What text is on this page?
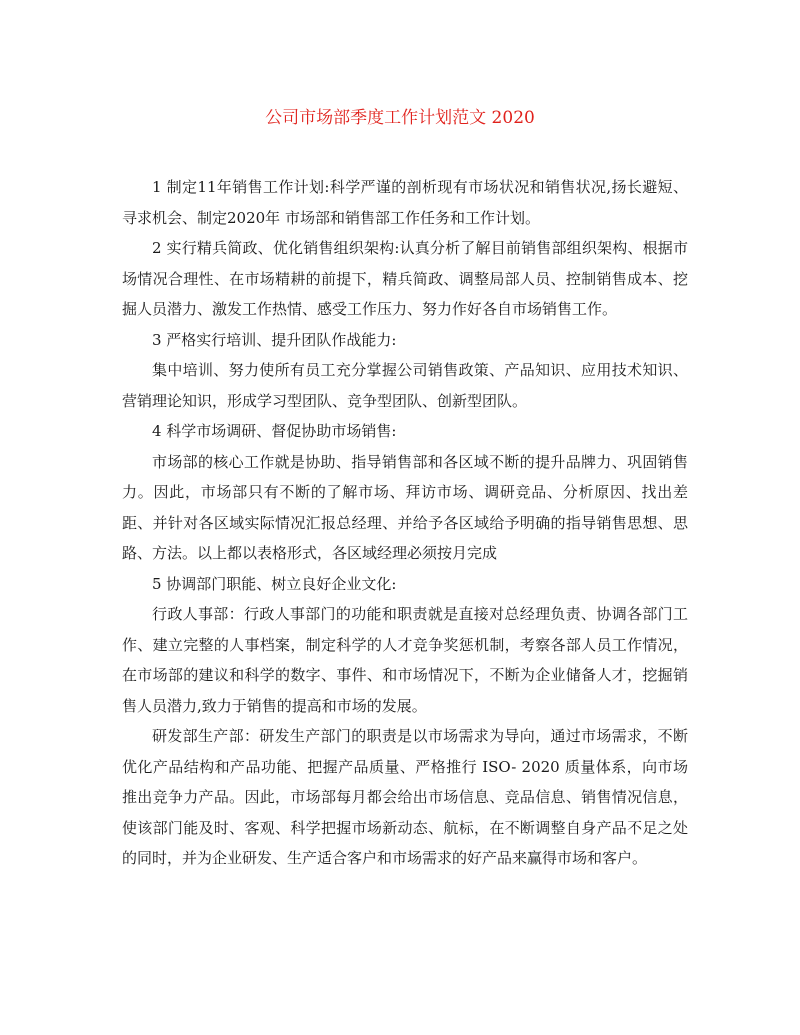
公司市场部季度工作计划范文 2020

1 制定11年销售工作计划:科学严谨的剖析现有市场状况和销售状况,扬长避短、寻求机会、制定2020年 市场部和销售部工作任务和工作计划。

2 实行精兵简政、优化销售组织架构:认真分析了解目前销售部组织架构、根据市场情况合理性、在市场精耕的前提下，精兵简政、调整局部人员、控制销售成本、挖掘人员潜力、激发工作热情、感受工作压力、努力作好各自市场销售工作。

3 严格实行培训、提升团队作战能力:

集中培训、努力使所有员工充分掌握公司销售政策、产品知识、应用技术知识、营销理论知识，形成学习型团队、竞争型团队、创新型团队。

4 科学市场调研、督促协助市场销售:

市场部的核心工作就是协助、指导销售部和各区域不断的提升品牌力、巩固销售力。因此，市场部只有不断的了解市场、拜访市场、调研竞品、分析原因、找出差距、并针对各区域实际情况汇报总经理、并给予各区域给予明确的指导销售思想、思路、方法。以上都以表格形式，各区域经理必须按月完成

5 协调部门职能、树立良好企业文化:

行政人事部：行政人事部门的功能和职责就是直接对总经理负责、协调各部门工作、建立完整的人事档案，制定科学的人才竞争奖惩机制，考察各部人员工作情况，在市场部的建议和科学的数字、事件、和市场情况下，不断为企业储备人才，挖掘销售人员潜力,致力于销售的提高和市场的发展。

研发部生产部：研发生产部门的职责是以市场需求为导向，通过市场需求，不断优化产品结构和产品功能、把握产品质量、严格推行 ISO- 2020 质量体系，向市场推出竞争力产品。因此，市场部每月都会给出市场信息、竞品信息、销售情况信息，使该部门能及时、客观、科学把握市场新动态、航标，在不断调整自身产品不足之处的同时，并为企业研发、生产适合客户和市场需求的好产品来赢得市场和客户。
